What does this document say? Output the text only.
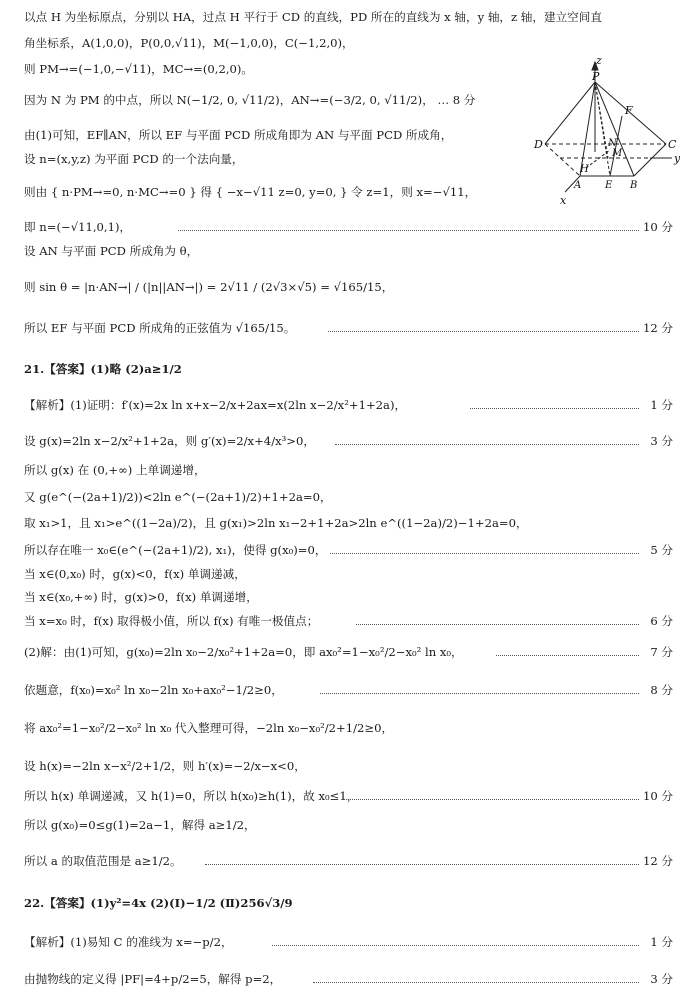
以点 H 为坐标原点，分别以 HA，过点 H 平行于 CD 的直线，PD 所在的直线为 x 轴，y 轴，z 轴，建立空间直
角坐标系，A(1,0,0)，P(0,0,√11)，M(−1,0,0)，C(−1,2,0)，
则 PM→=(−1,0,−√11)，MC→=(0,2,0)。
因为 N 为 PM 的中点，所以 N(−1/2, 0, √11/2)，AN→=(−3/2, 0, √11/2)， … 8 分
由(1)可知，EF∥AN，所以 EF 与平面 PCD 所成角即为 AN 与平面 PCD 所成角，
设 n=(x,y,z) 为平面 PCD 的一个法向量，
则由 { n·PM→=0, n·MC→=0 } 得 { −x−√11 z=0, y=0, } 令 z=1，则 x=−√11，
即 n=(−√11,0,1)，
设 AN 与平面 PCD 所成角为 θ，
则 sin θ = |n·AN→| / (|n||AN→|) = 2√11 / (2√3×√5) = √165/15，
所以 EF 与平面 PCD 所成角的正弦值为 √165/15。
21.【答案】(1)略 (2)a≥1/2
【解析】(1)证明：f′(x)=2x ln x+x−2/x+2ax=x(2ln x−2/x²+1+2a)，
设 g(x)=2ln x−2/x²+1+2a，则 g′(x)=2/x+4/x³>0，
所以 g(x) 在 (0,+∞) 上单调递增，
又 g(e^(−(2a+1)/2))<2ln e^(−(2a+1)/2)+1+2a=0，
取 x₁>1，且 x₁>e^((1−2a)/2)，且 g(x₁)>2ln x₁−2+1+2a>2ln e^((1−2a)/2)−1+2a=0，
所以存在唯一 x₀∈(e^(−(2a+1)/2), x₁)，使得 g(x₀)=0，
当 x∈(0,x₀) 时，g(x)<0，f(x) 单调递减，
当 x∈(x₀,+∞) 时，g(x)>0，f(x) 单调递增，
当 x=x₀ 时，f(x) 取得极小值，所以 f(x) 有唯一极值点；
(2)解：由(1)可知，g(x₀)=2ln x₀−2/x₀²+1+2a=0，即 ax₀²=1−x₀²/2−x₀² ln x₀，
依题意，f(x₀)=x₀² ln x₀−2ln x₀+ax₀²−1/2≥0，
将 ax₀²=1−x₀²/2−x₀² ln x₀ 代入整理可得，−2ln x₀−x₀²/2+1/2≥0，
设 h(x)=−2ln x−x²/2+1/2，则 h′(x)=−2/x−x<0，
所以 h(x) 单调递减，又 h(1)=0，所以 h(x₀)≥h(1)，故 x₀≤1，
所以 g(x₀)=0≤g(1)=2a−1，解得 a≥1/2，
所以 a 的取值范围是 a≥1/2。
22.【答案】(1)y²=4x (2)(Ⅰ)−1/2 (Ⅱ)256√3/9
【解析】(1)易知 C 的准线为 x=−p/2，
由抛物线的定义得 |PF|=4+p/2=5，解得 p=2，
10 分
12 分
1 分
3 分
5 分
6 分
7 分
8 分
10 分
12 分
1 分
3 分
z
P
F
D	C
M
N
y
H
A E B
x
